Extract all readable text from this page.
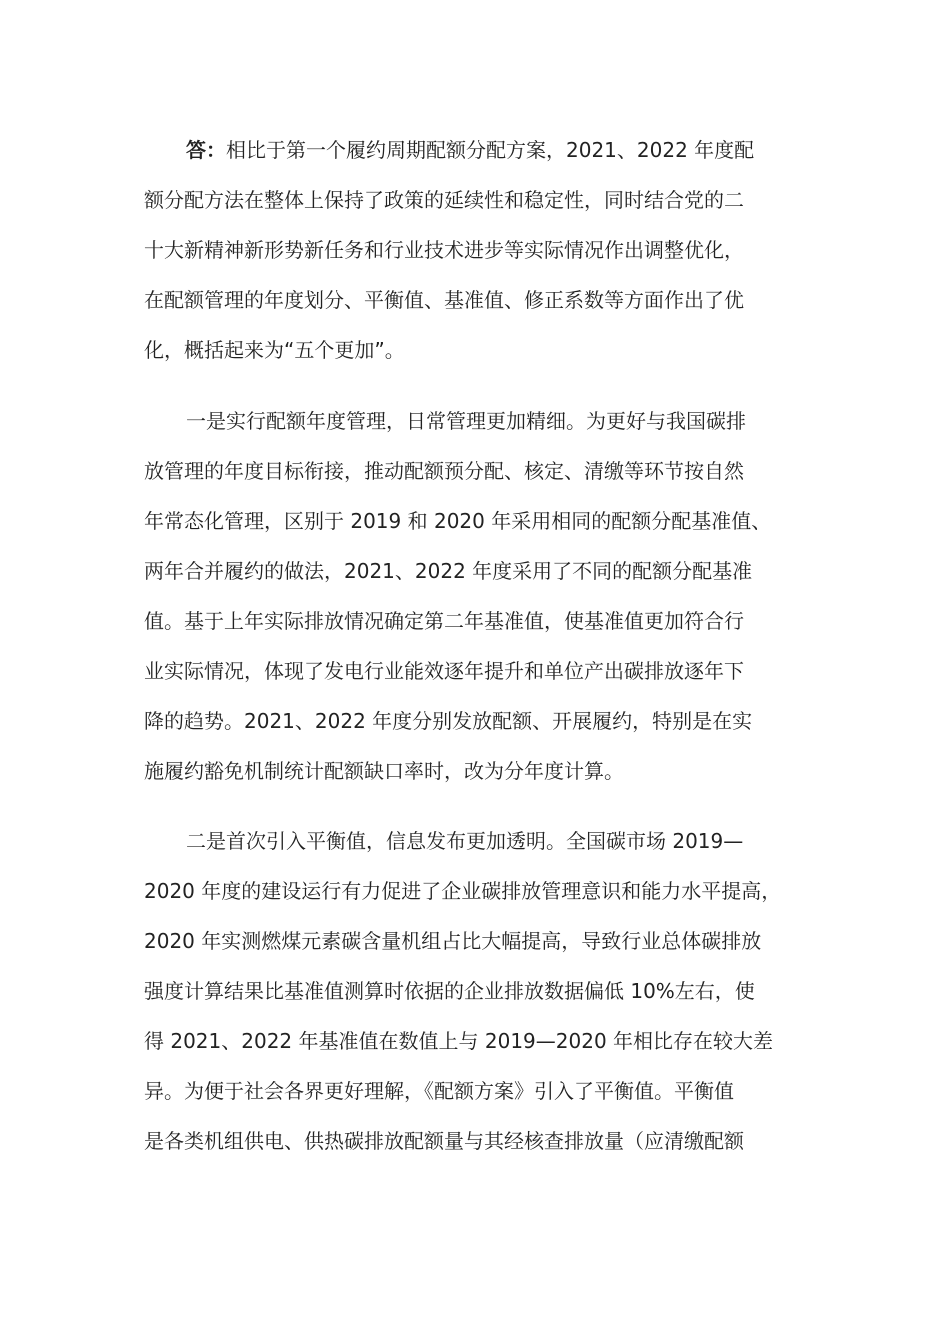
答：相比于第一个履约周期配额分配方案，2021、2022 年度配
额分配方法在整体上保持了政策的延续性和稳定性，同时结合党的二
十大新精神新形势新任务和行业技术进步等实际情况作出调整优化，
在配额管理的年度划分、平衡值、基准值、修正系数等方面作出了优
化，概括起来为“五个更加”。
一是实行配额年度管理，日常管理更加精细。为更好与我国碳排
放管理的年度目标衔接，推动配额预分配、核定、清缴等环节按自然
年常态化管理，区别于 2019 和 2020 年采用相同的配额分配基准值、
两年合并履约的做法，2021、2022 年度采用了不同的配额分配基准
值。基于上年实际排放情况确定第二年基准值，使基准值更加符合行
业实际情况，体现了发电行业能效逐年提升和单位产出碳排放逐年下
降的趋势。2021、2022 年度分别发放配额、开展履约，特别是在实
施履约豁免机制统计配额缺口率时，改为分年度计算。
二是首次引入平衡值，信息发布更加透明。全国碳市场 2019—
2020 年度的建设运行有力促进了企业碳排放管理意识和能力水平提高，
2020 年实测燃煤元素碳含量机组占比大幅提高，导致行业总体碳排放
强度计算结果比基准值测算时依据的企业排放数据偏低 10%左右，使
得 2021、2022 年基准值在数值上与 2019—2020 年相比存在较大差
异。为便于社会各界更好理解，《配额方案》引入了平衡值。平衡值
是各类机组供电、供热碳排放配额量与其经核查排放量（应清缴配额
